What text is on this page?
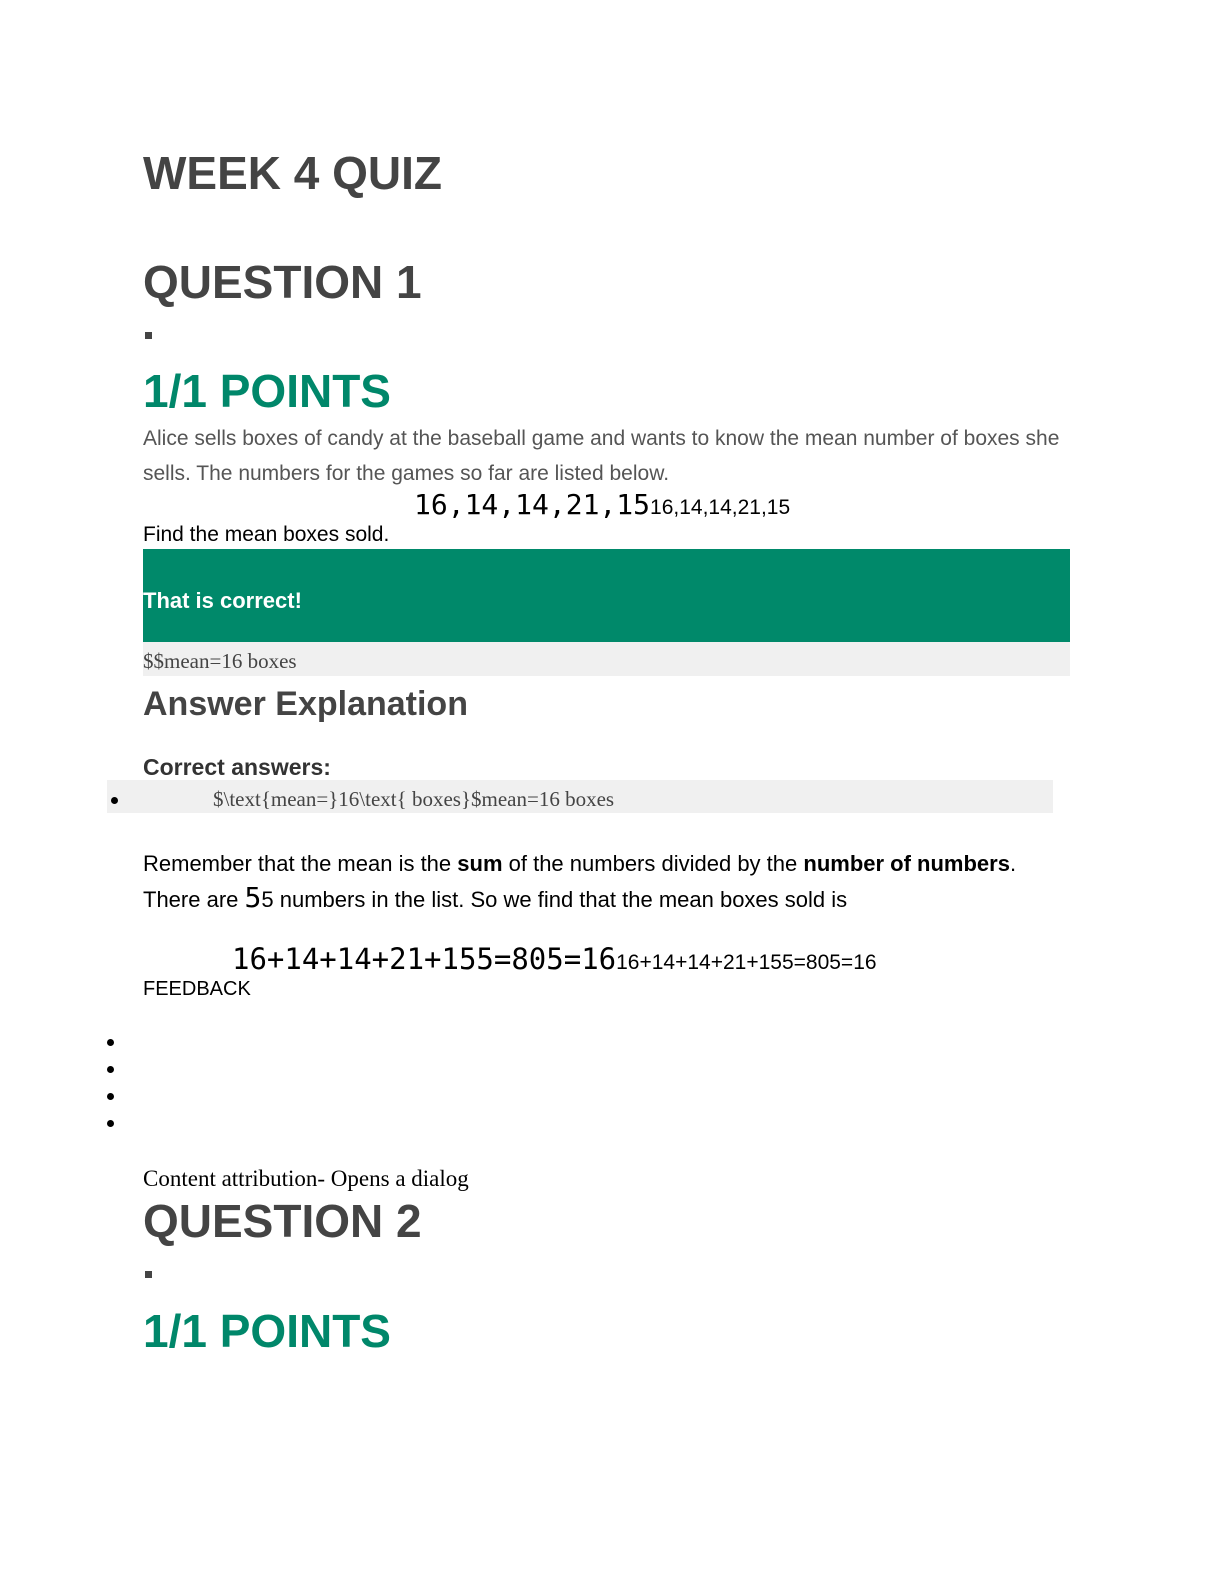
WEEK 4 QUIZ
QUESTION 1
1/1 POINTS
Alice sells boxes of candy at the baseball game and wants to know the mean number of boxes she sells. The numbers for the games so far are listed below.
16,14,14,21,1516,14,14,21,15
Find the mean boxes sold.
That is correct!
$$mean=16 boxes
Answer Explanation
Correct answers:
$\text{mean=}16\text{ boxes}$mean=16 boxes
Remember that the mean is the sum of the numbers divided by the number of numbers. There are 55 numbers in the list. So we find that the mean boxes sold is
16+14+14+21+155=805=1616+14+14+21+155=805=16
FEEDBACK
Content attribution- Opens a dialog
QUESTION 2
1/1 POINTS
